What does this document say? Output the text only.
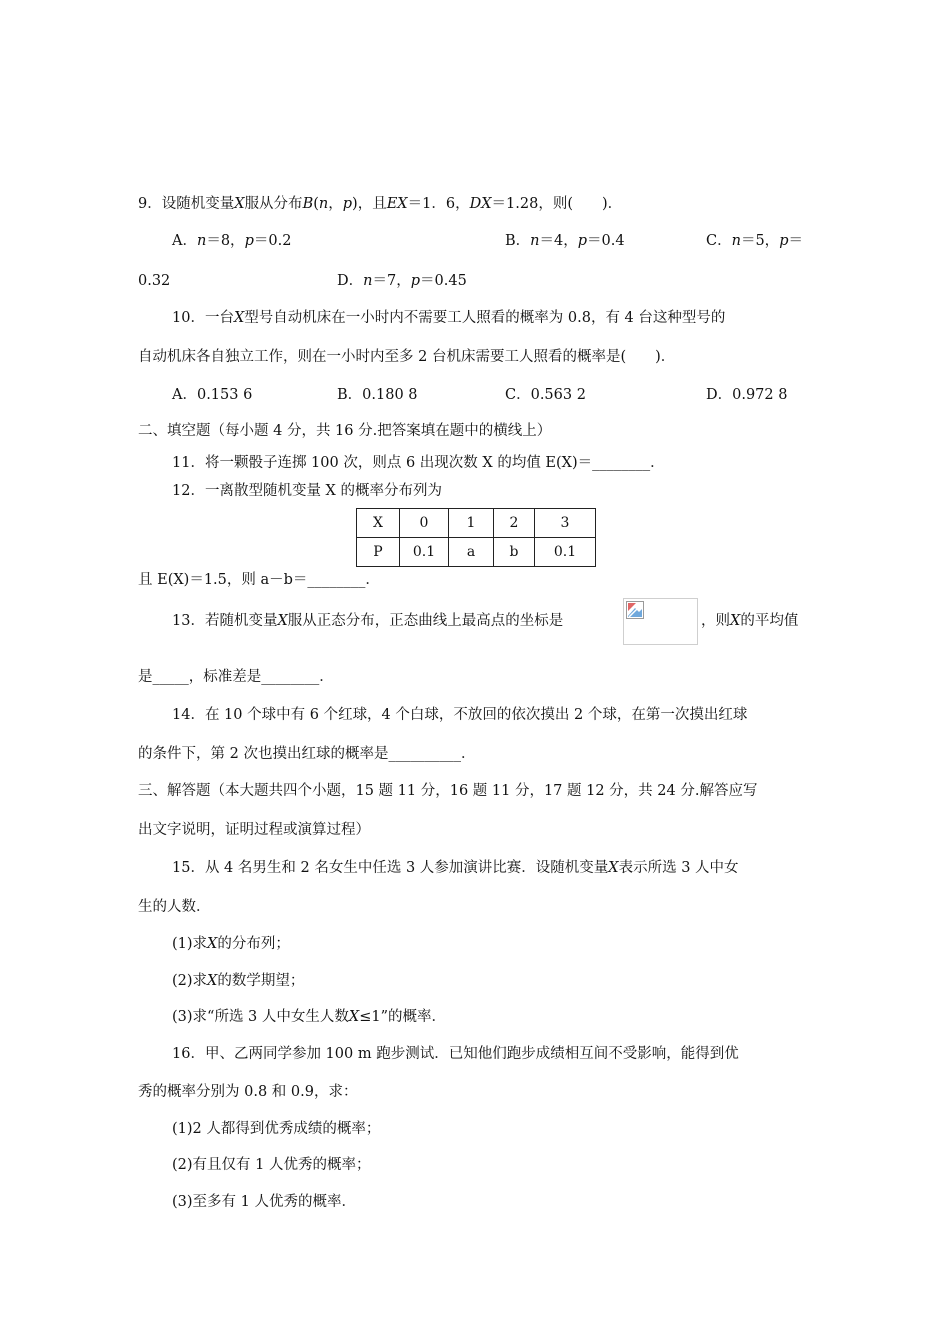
9．设随机变量X服从分布B(n，p)，且EX＝1．6，DX＝1.28，则(　　)．
A．n＝8，p＝0.2	B．n＝4，p＝0.4	C．n＝5，p＝
0.32	D．n＝7，p＝0.45
10．一台X型号自动机床在一小时内不需要工人照看的概率为 0.8，有 4 台这种型号的
自动机床各自独立工作，则在一小时内至多 2 台机床需要工人照看的概率是(　　)．
A．0.153 6	B．0.180 8	C．0.563 2	D．0.972 8
二、填空题（每小题 4 分，共 16 分.把答案填在题中的横线上）
11．将一颗骰子连掷 100 次，则点 6 出现次数 X 的均值 E(X)＝________．
12．一离散型随机变量 X 的概率分布列为
X	0	1	2	3
P	0.1	a	b	0.1
且 E(X)＝1.5，则 a－b＝________．
13．若随机变量X服从正态分布，正态曲线上最高点的坐标是	，则X的平均值
是_____，标准差是________．
14．在 10 个球中有 6 个红球，4 个白球，不放回的依次摸出 2 个球，在第一次摸出红球
的条件下，第 2 次也摸出红球的概率是__________．
三、解答题（本大题共四个小题，15 题 11 分，16 题 11 分，17 题 12 分，共 24 分.解答应写
出文字说明，证明过程或演算过程）
15．从 4 名男生和 2 名女生中任选 3 人参加演讲比赛．设随机变量X表示所选 3 人中女
生的人数．
(1)求X的分布列；
(2)求X的数学期望；
(3)求“所选 3 人中女生人数X≤1”的概率．
16．甲、乙两同学参加 100 m 跑步测试．已知他们跑步成绩相互间不受影响，能得到优
秀的概率分别为 0.8 和 0.9，求：
(1)2 人都得到优秀成绩的概率；
(2)有且仅有 1 人优秀的概率；
(3)至多有 1 人优秀的概率．
